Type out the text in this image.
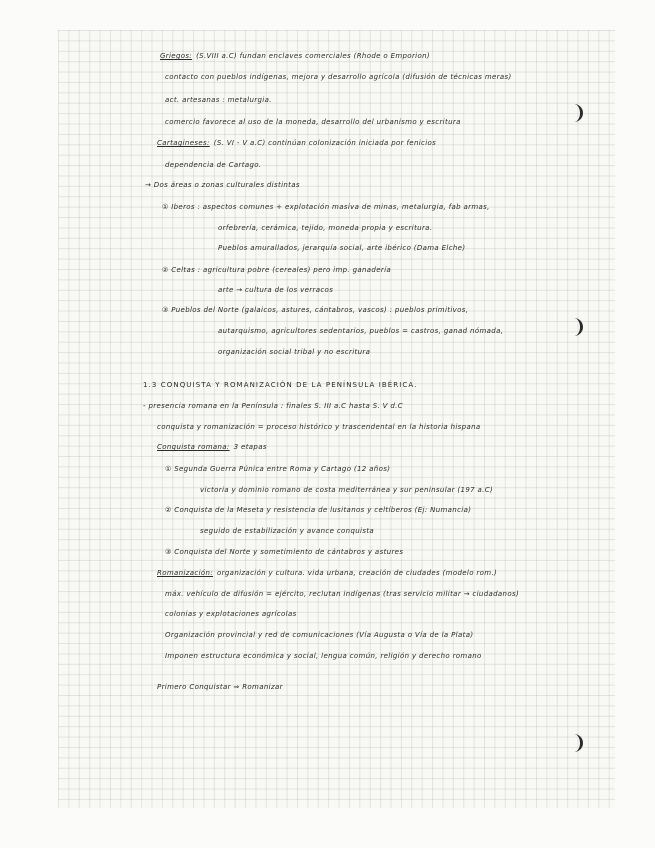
Griegos: (S.VIII a.C) fundan enclaves comerciales (Rhode o Emporion)
contacto con pueblos indígenas, mejora y desarrollo agrícola (difusión de técnicas meras)
act. artesanas : metalurgia.
comercio favorece al uso de la moneda, desarrollo del urbanismo y escritura
Cartagineses: (S. VI - V a.C) continúan colonización iniciada por fenicios
dependencia de Cartago.
→ Dos áreas o zonas culturales distintas
① Iberos : aspectos comunes + explotación masiva de minas, metalurgia, fab armas,
orfebrería, cerámica, tejido, moneda propia y escritura.
Pueblos amurallados, jerarquía social, arte ibérico (Dama Elche)
② Celtas : agricultura pobre (cereales) pero imp. ganadería
arte → cultura de los verracos
③ Pueblos del Norte (galaicos, astures, cántabros, vascos) : pueblos primitivos,
autarquismo, agricultores sedentarios, pueblos = castros, ganad nómada,
organización social tribal y no escritura
1.3 CONQUISTA Y ROMANIZACIÓN DE LA PENÍNSULA IBÉRICA.
- presencia romana en la Península : finales S. III a.C hasta S. V d.C
conquista y romanización = proceso histórico y trascendental en la historia hispana
Conquista romana: 3 etapas
① Segunda Guerra Púnica entre Roma y Cartago (12 años)
victoria y dominio romano de costa mediterránea y sur peninsular (197 a.C)
② Conquista de la Meseta y resistencia de lusitanos y celtíberos (Ej: Numancia)
seguido de estabilización y avance conquista
③ Conquista del Norte y sometimiento de cántabros y astures
Romanización: organización y cultura. vida urbana, creación de ciudades (modelo rom.)
máx. vehículo de difusión = ejército, reclutan indígenas (tras servicio militar → ciudadanos)
colonias y explotaciones agrícolas
Organización provincial y red de comunicaciones (Vía Augusta o Vía de la Plata)
Imponen estructura económica y social, lengua común, religión y derecho romano
Primero Conquistar ⇒ Romanizar
